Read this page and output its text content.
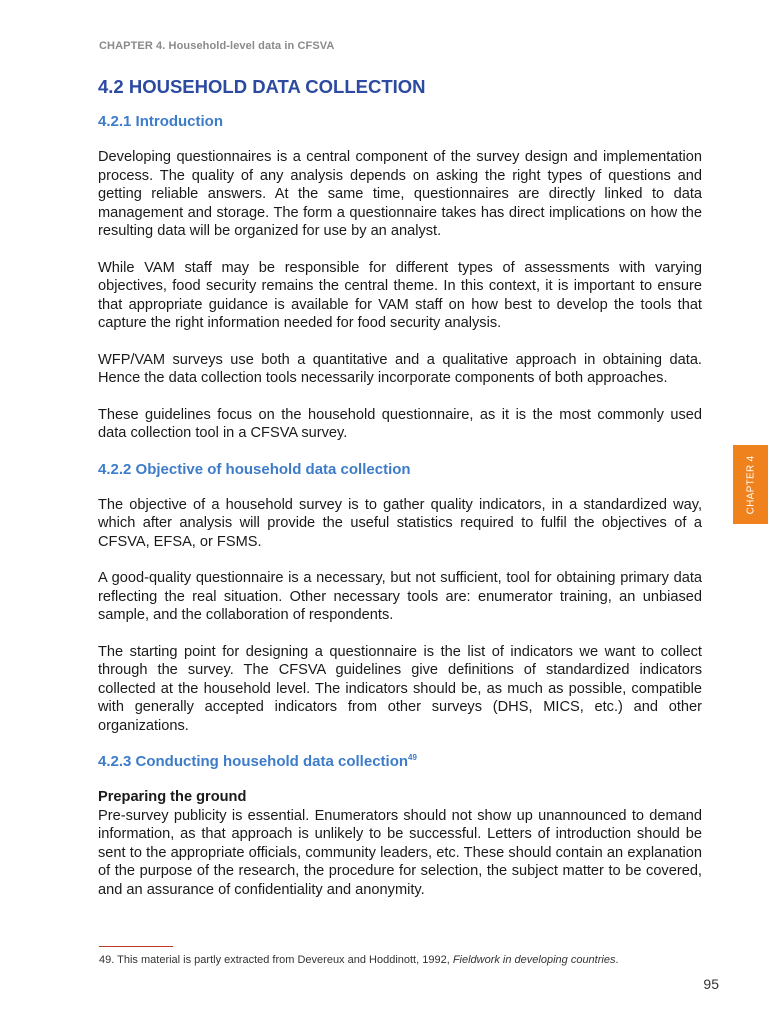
CHAPTER 4. Household-level data in CFSVA
4.2 HOUSEHOLD DATA COLLECTION
4.2.1 Introduction

Developing questionnaires is a central component of the survey design and implementation process. The quality of any analysis depends on asking the right types of questions and getting reliable answers. At the same time, questionnaires are directly linked to data management and storage. The form a questionnaire takes has direct implications on how the resulting data will be organized for use by an analyst.

While VAM staff may be responsible for different types of assessments with varying objectives, food security remains the central theme. In this context, it is important to ensure that appropriate guidance is available for VAM staff on how best to develop the tools that capture the right information needed for food security analysis.

WFP/VAM surveys use both a quantitative and a qualitative approach in obtaining data. Hence the data collection tools necessarily incorporate components of both approaches.

These guidelines focus on the household questionnaire, as it is the most commonly used data collection tool in a CFSVA survey.

4.2.2 Objective of household data collection

The objective of a household survey is to gather quality indicators, in a standardized way, which after analysis will provide the useful statistics required to fulfil the objectives of a CFSVA, EFSA, or FSMS.

A good-quality questionnaire is a necessary, but not sufficient, tool for obtaining primary data reflecting the real situation. Other necessary tools are: enumerator training, an unbiased sample, and the collaboration of respondents.

The starting point for designing a questionnaire is the list of indicators we want to collect through the survey. The CFSVA guidelines give definitions of standardized indicators collected at the household level. The indicators should be, as much as possible, compatible with generally accepted indicators from other surveys (DHS, MICS, etc.) and other organizations.

4.2.3 Conducting household data collection$^{49}$
Preparing the ground

Pre-survey publicity is essential. Enumerators should not show up unannounced to demand information, as that approach is unlikely to be successful. Letters of introduction should be sent to the appropriate officials, community leaders, etc. These should contain an explanation of the purpose of the research, the procedure for selection, the subject matter to be covered, and an assurance of confidentiality and anonymity.

49. This material is partly extracted from Devereux and Hoddinott, 1992, Fieldwork in developing countries.
95
CHAPTER 4
